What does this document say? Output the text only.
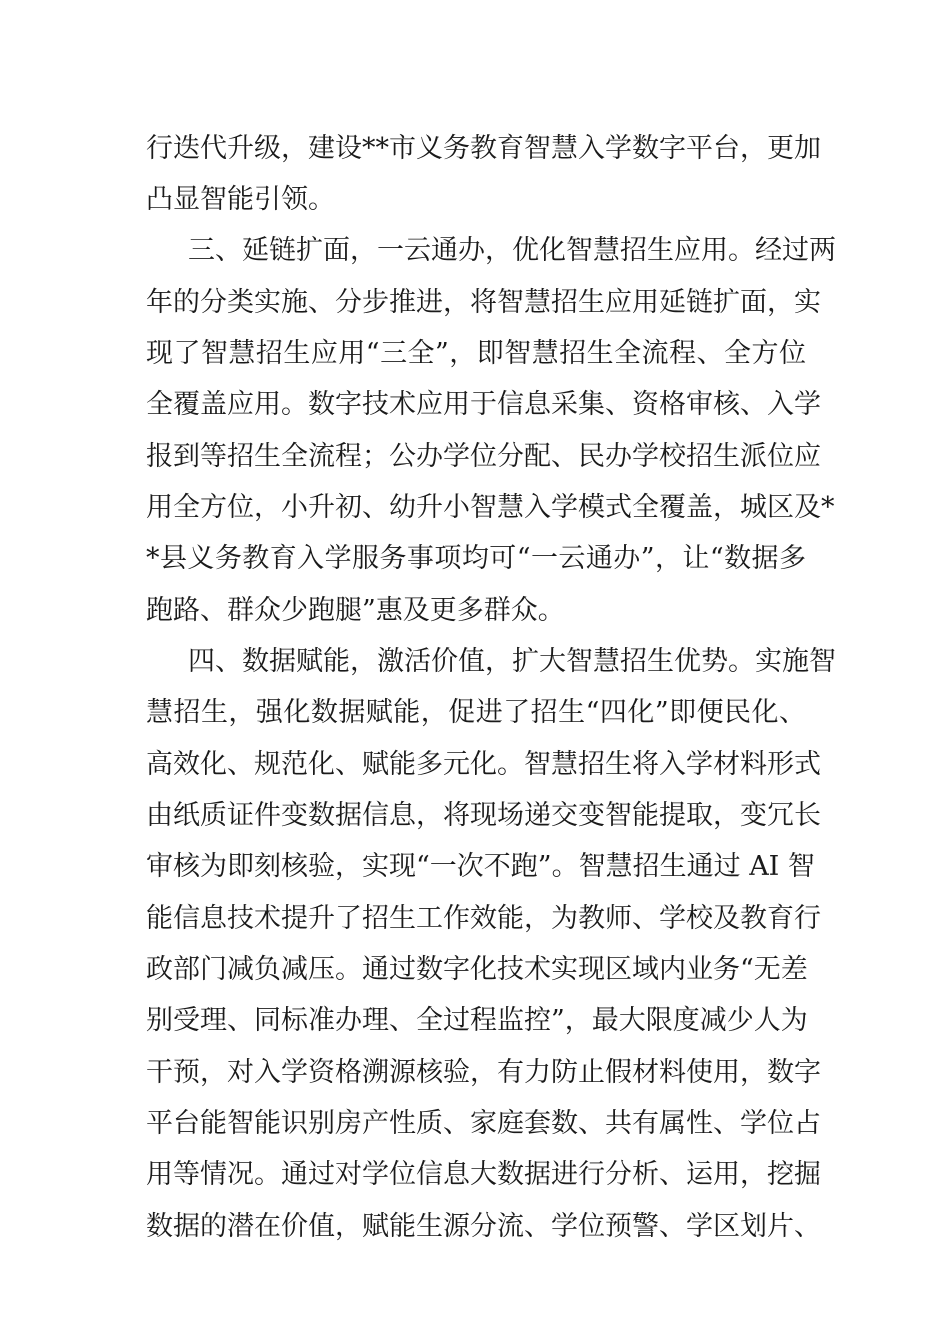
行迭代升级，建设**市义务教育智慧入学数字平台，更加
凸显智能引领。
三、延链扩面，一云通办，优化智慧招生应用。经过两
年的分类实施、分步推进，将智慧招生应用延链扩面，实
现了智慧招生应用“三全”，即智慧招生全流程、全方位
全覆盖应用。数字技术应用于信息采集、资格审核、入学
报到等招生全流程；公办学位分配、民办学校招生派位应
用全方位，小升初、幼升小智慧入学模式全覆盖，城区及*
*县义务教育入学服务事项均可“一云通办”，让“数据多
跑路、群众少跑腿”惠及更多群众。
四、数据赋能，激活价值，扩大智慧招生优势。实施智
慧招生，强化数据赋能，促进了招生“四化”即便民化、
高效化、规范化、赋能多元化。智慧招生将入学材料形式
由纸质证件变数据信息，将现场递交变智能提取，变冗长
审核为即刻核验，实现“一次不跑”。智慧招生通过 AI 智
能信息技术提升了招生工作效能，为教师、学校及教育行
政部门减负减压。通过数字化技术实现区域内业务“无差
别受理、同标准办理、全过程监控”，最大限度减少人为
干预，对入学资格溯源核验，有力防止假材料使用，数字
平台能智能识别房产性质、家庭套数、共有属性、学位占
用等情况。通过对学位信息大数据进行分析、运用，挖掘
数据的潜在价值，赋能生源分流、学位预警、学区划片、
